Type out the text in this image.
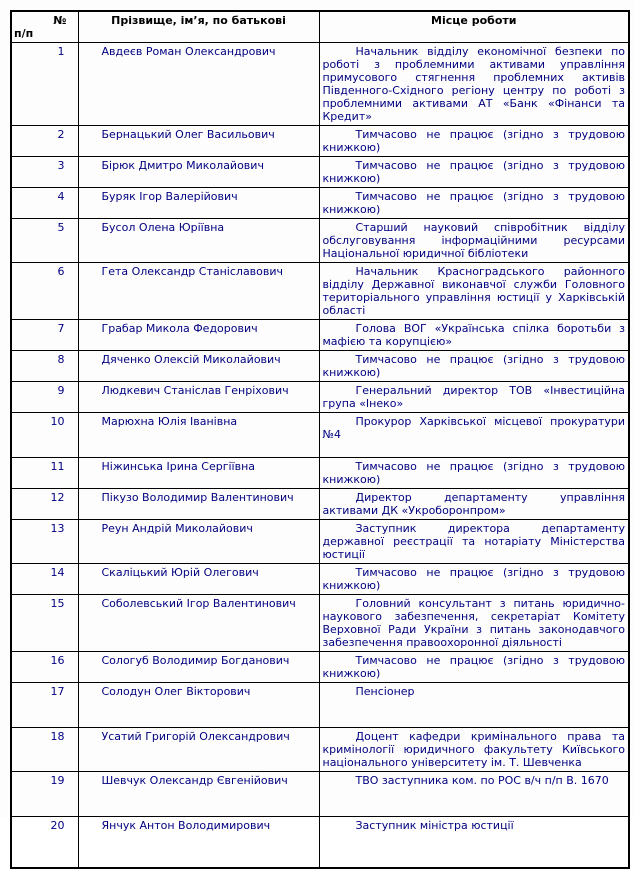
№
п/п	Прізвище, ім’я, по батькові	Місце роботи
1	Авдеєв Роман Олександрович	Начальник відділу економічної безпеки по роботі з проблемними активами управління примусового стягнення проблемних активів Південного-Східного регіону центру по роботі з проблемними активами АТ «Банк «Фінанси та Кредит»
2	Бернацький Олег Васильович	Тимчасово не працює (згідно з трудовою книжкою)
3	Бірюк Дмитро Миколайович	Тимчасово не працює (згідно з трудовою книжкою)
4	Буряк Ігор Валерійович	Тимчасово не працює (згідно з трудовою книжкою)
5	Бусол Олена Юріївна	Старший науковий співробітник відділу обслуговування інформаційними ресурсами Національної юридичної бібліотеки
6	Гета Олександр Станіславович	Начальник Красноградського районного відділу Державної виконавчої служби Головного територіального управління юстиції у Харківській області
7	Грабар Микола Федорович	Голова ВОГ «Українська спілка боротьби з мафією та корупцією»
8	Дяченко Олексій Миколайович	Тимчасово не працює (згідно з трудовою книжкою)
9	Людкевич Станіслав Генріхович	Генеральний директор ТОВ «Інвестиційна група «Інеко»
10	Марюхна Юлія Іванівна	Прокурор Харківської місцевої прокуратури №4
11	Ніжинська Ірина Сергіївна	Тимчасово не працює (згідно з трудовою книжкою)
12	Пікузо Володимир Валентинович	Директор департаменту управління активами ДК «Укроборонпром»
13	Реун Андрій Миколайович	Заступник директора департаменту державної реєстрації та нотаріату Міністерства юстиції
14	Скаліцький Юрій Олегович	Тимчасово не працює (згідно з трудовою книжкою)
15	Соболевський Ігор Валентинович	Головний консультант з питань юридично-наукового забезпечення, секретаріат Комітету Верховної Ради України з питань законодавчого забезпечення правоохоронної діяльності
16	Сологуб Володимир Богданович	Тимчасово не працює (згідно з трудовою книжкою)
17	Солодун Олег Вікторович	Пенсіонер
18	Усатий Григорій Олександрович	Доцент кафедри кримінального права та кримінології юридичного факультету Київського національного університету ім. Т. Шевченка
19	Шевчук Олександр Євгенійович	ТВО заступника ком. по РОС в/ч п/п В. 1670
20	Янчук Антон Володимирович	Заступник міністра юстиції
